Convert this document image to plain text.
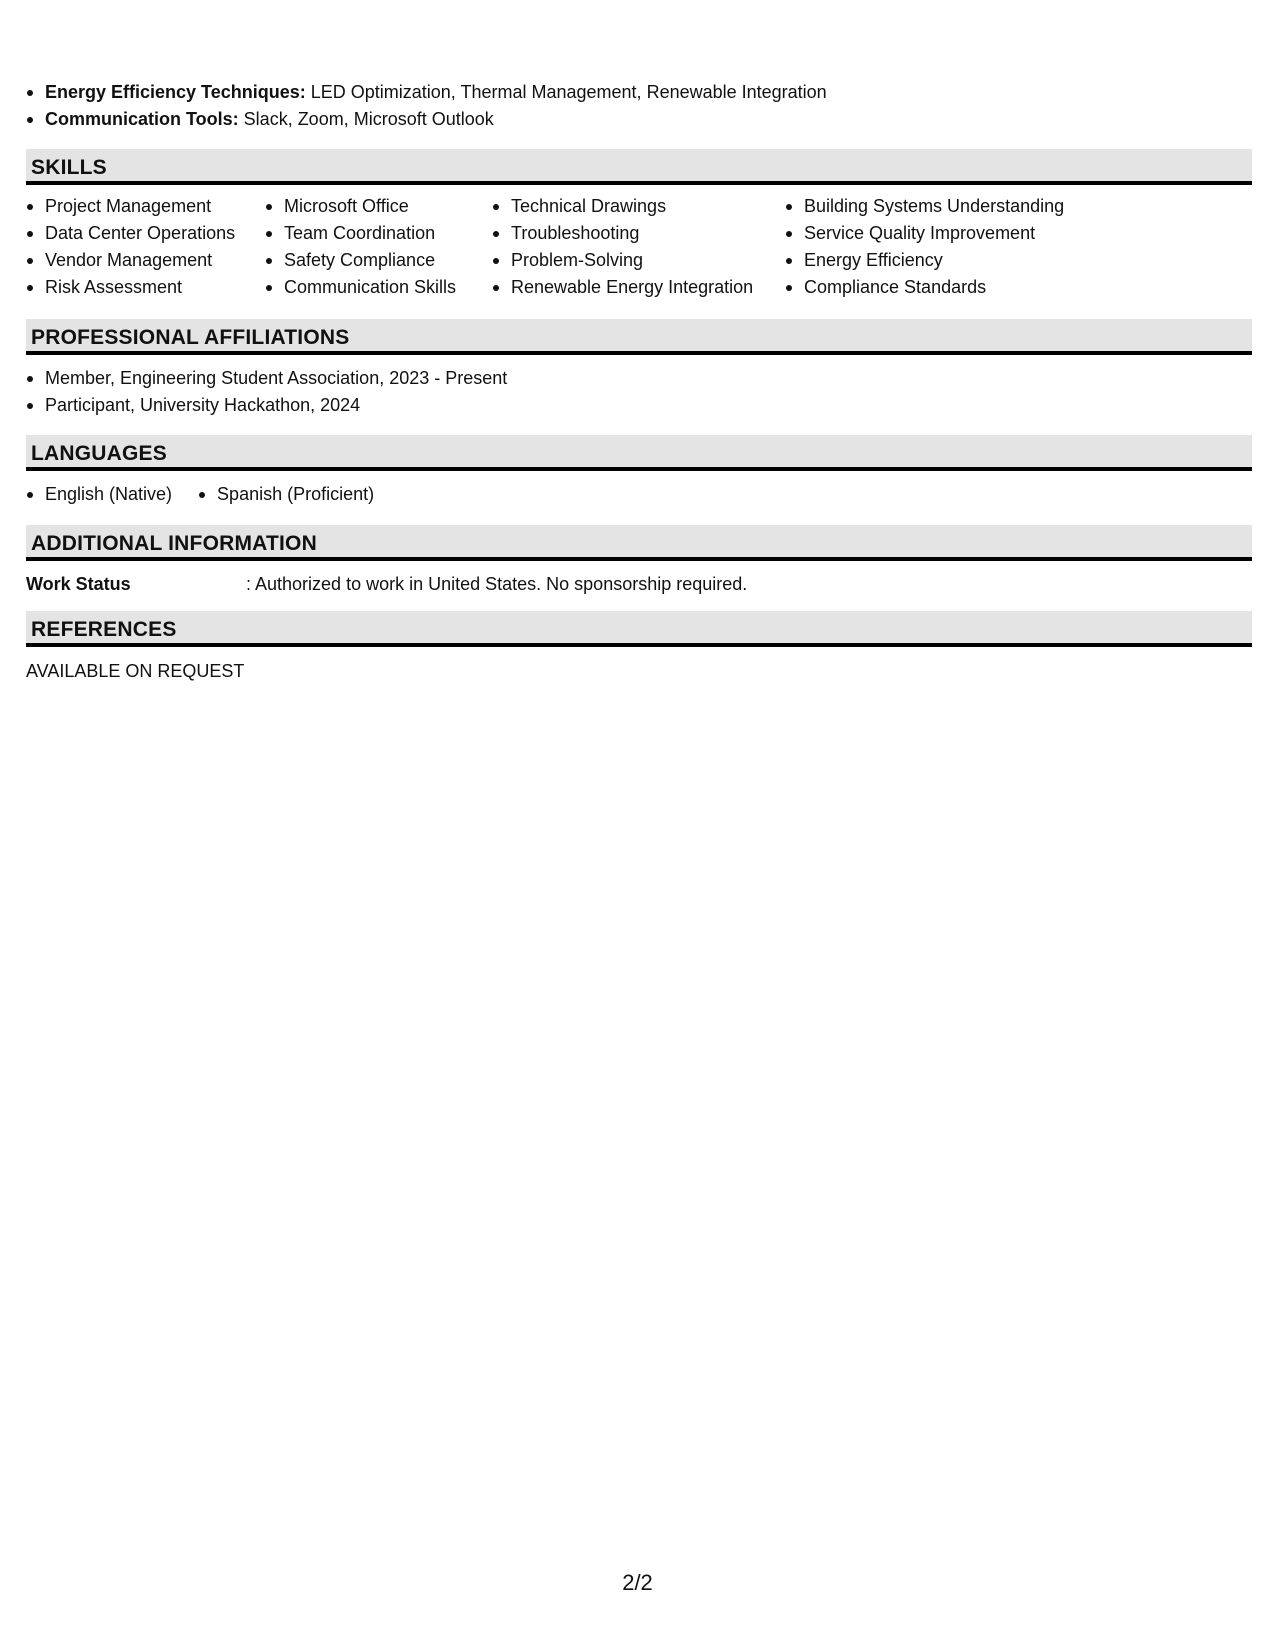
Energy Efficiency Techniques: LED Optimization, Thermal Management, Renewable Integration
Communication Tools: Slack, Zoom, Microsoft Outlook
SKILLS
Project Management
Data Center Operations
Vendor Management
Risk Assessment
Microsoft Office
Team Coordination
Safety Compliance
Communication Skills
Technical Drawings
Troubleshooting
Problem-Solving
Renewable Energy Integration
Building Systems Understanding
Service Quality Improvement
Energy Efficiency
Compliance Standards
PROFESSIONAL AFFILIATIONS
Member, Engineering Student Association, 2023 - Present
Participant, University Hackathon, 2024
LANGUAGES
English (Native)	Spanish (Proficient)
ADDITIONAL INFORMATION
Work Status	: Authorized to work in United States. No sponsorship required.
REFERENCES
AVAILABLE ON REQUEST
2/2
